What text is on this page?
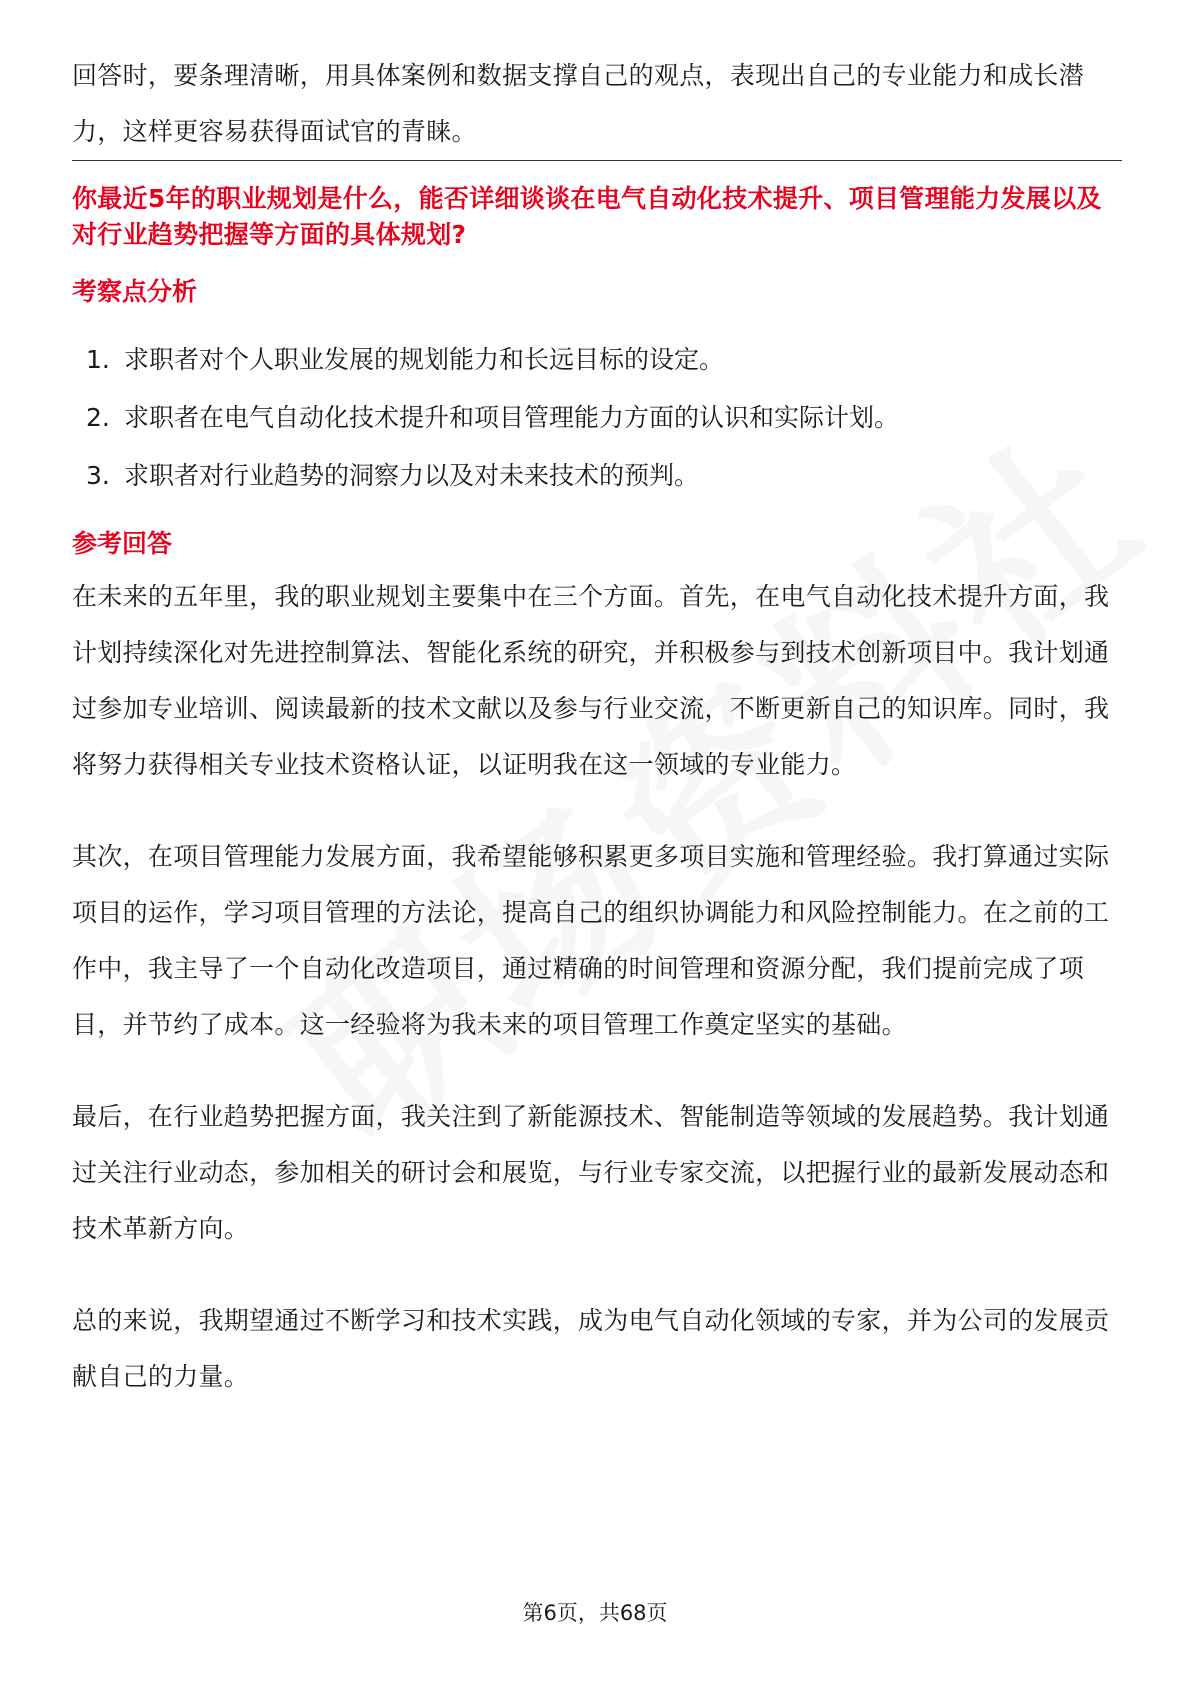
回答时，要条理清晰，用具体案例和数据支撑自己的观点，表现出自己的专业能力和成长潜力，这样更容易获得面试官的青睐。

你最近5年的职业规划是什么，能否详细谈谈在电气自动化技术提升、项目管理能力发展以及对行业趋势把握等方面的具体规划?
考察点分析
1. 求职者对个人职业发展的规划能力和长远目标的设定。
2. 求职者在电气自动化技术提升和项目管理能力方面的认识和实际计划。
3. 求职者对行业趋势的洞察力以及对未来技术的预判。
参考回答

在未来的五年里，我的职业规划主要集中在三个方面。首先，在电气自动化技术提升方面，我计划持续深化对先进控制算法、智能化系统的研究，并积极参与到技术创新项目中。我计划通过参加专业培训、阅读最新的技术文献以及参与行业交流，不断更新自己的知识库。同时，我将努力获得相关专业技术资格认证，以证明我在这一领域的专业能力。

其次，在项目管理能力发展方面，我希望能够积累更多项目实施和管理经验。我打算通过实际项目的运作，学习项目管理的方法论，提高自己的组织协调能力和风险控制能力。在之前的工作中，我主导了一个自动化改造项目，通过精确的时间管理和资源分配，我们提前完成了项目，并节约了成本。这一经验将为我未来的项目管理工作奠定坚实的基础。

最后，在行业趋势把握方面，我关注到了新能源技术、智能制造等领域的发展趋势。我计划通过关注行业动态，参加相关的研讨会和展览，与行业专家交流，以把握行业的最新发展动态和技术革新方向。

总的来说，我期望通过不断学习和技术实践，成为电气自动化领域的专家，并为公司的发展贡献自己的力量。

第6页，共68页
